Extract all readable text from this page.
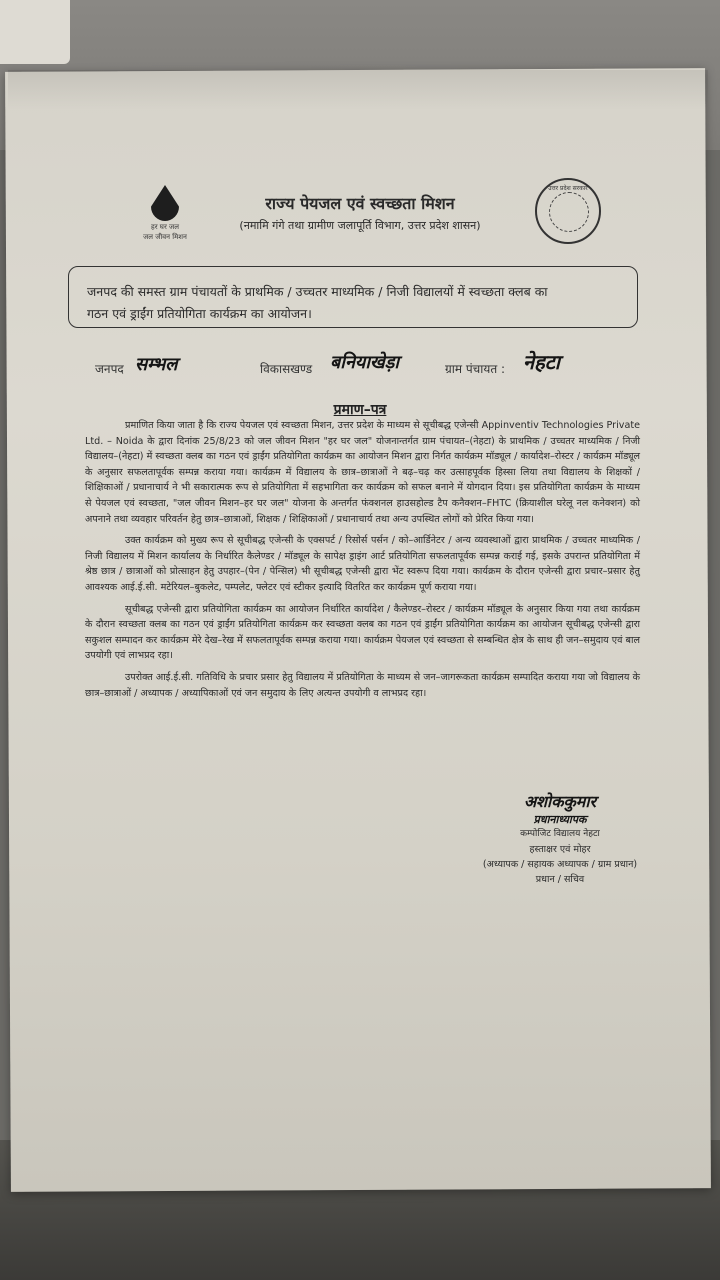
हर घर जल
जल जीवन मिशन
उत्तर प्रदेश सरकार
राज्य पेयजल एवं स्वच्छता मिशन
(नमामि गंगे तथा ग्रामीण जलापूर्ति विभाग, उत्तर प्रदेश शासन)
जनपद की समस्त ग्राम पंचायतों के प्राथमिक / उच्चतर माध्यमिक / निजी विद्यालयों में स्वच्छता क्लब का
गठन एवं ड्राईंग प्रतियोगिता कार्यक्रम का आयोजन।
जनपद सम्भल	विकासखण्ड बनियाखेड़ा	ग्राम पंचायत : नेहटा
प्रमाण–पत्र

प्रमाणित किया जाता है कि राज्य पेयजल एवं स्वच्छता मिशन, उत्तर प्रदेश के माध्यम से सूचीबद्ध एजेन्सी Appinventiv Technologies Private Ltd. – Noida के द्वारा दिनांक 25/8/23 को जल जीवन मिशन "हर घर जल" योजनान्तर्गत ग्राम पंचायत–(नेहटा) के प्राथमिक / उच्चतर माध्यमिक / निजी विद्यालय–(नेहटा) में स्वच्छता क्लब का गठन एवं ड्राईंग प्रतियोगिता कार्यक्रम का आयोजन मिशन द्वारा निर्गत कार्यक्रम मॉड्यूल / कार्यादेश–रोस्टर / कार्यक्रम मॉड्यूल के अनुसार सफलतापूर्वक सम्पन्न कराया गया। कार्यक्रम में विद्यालय के छात्र–छात्राओं ने बढ़–चढ़ कर उत्साहपूर्वक हिस्सा लिया तथा विद्यालय के शिक्षकों / शिक्षिकाओं / प्रधानाचार्य ने भी सकारात्मक रूप से प्रतियोगिता में सहभागिता कर कार्यक्रम को सफल बनाने में योगदान दिया। इस प्रतियोगिता कार्यक्रम के माध्यम से पेयजल एवं स्वच्छता, "जल जीवन मिशन–हर घर जल" योजना के अन्तर्गत फंक्शनल हाउसहोल्ड टैप कनैक्शन–FHTC (क्रियाशील घरेलू नल कनेक्शन) को अपनाने तथा व्यवहार परिवर्तन हेतु छात्र–छात्राओं, शिक्षक / शिक्षिकाओं / प्रधानाचार्य तथा अन्य उपस्थित लोगों को प्रेरित किया गया।

उक्त कार्यक्रम को मुख्य रूप से सूचीबद्ध एजेन्सी के एक्सपर्ट / रिसोर्स पर्सन / को–आर्डिनेटर / अन्य व्यवस्थाओं द्वारा प्राथमिक / उच्चतर माध्यमिक / निजी विद्यालय में मिशन कार्यालय के निर्धारित कैलेण्डर / मॉड्यूल के सापेक्ष ड्राइंग आर्ट प्रतियोगिता सफलतापूर्वक सम्पन्न कराई गई, इसके उपरान्त प्रतियोगिता में श्रेष्ठ छात्र / छात्राओं को प्रोत्साहन हेतु उपहार–(पेन / पेन्सिल) भी सूचीबद्ध एजेन्सी द्वारा भेंट स्वरूप दिया गया। कार्यक्रम के दौरान एजेन्सी द्वारा प्रचार–प्रसार हेतु आवश्यक आई.ई.सी. मटेरियल–बुकलेट, पम्पलेट, फ्लेटर एवं स्टीकर इत्यादि वितरित कर कार्यक्रम पूर्ण कराया गया।

सूचीबद्ध एजेन्सी द्वारा प्रतियोगिता कार्यक्रम का आयोजन निर्धारित कार्यादेश / कैलेण्डर–रोस्टर / कार्यक्रम मॉड्यूल के अनुसार किया गया तथा कार्यक्रम के दौरान स्वच्छता क्लब का गठन एवं ड्राईंग प्रतियोगिता कार्यक्रम कर स्वच्छता क्लब का गठन एवं ड्राईंग प्रतियोगिता कार्यक्रम का आयोजन सूचीबद्ध एजेन्सी द्वारा सकुशल सम्पादन कर कार्यक्रम मेरे देख–रेख में सफलतापूर्वक सम्पन्न कराया गया। कार्यक्रम पेयजल एवं स्वच्छता से सम्बन्धित क्षेत्र के साथ ही जन–समुदाय एवं बाल उपयोगी एवं लाभप्रद रहा।

उपरोक्त आई.ई.सी. गतिविधि के प्रचार प्रसार हेतु विद्यालय में प्रतियोगिता के माध्यम से जन–जागरूकता कार्यक्रम सम्पादित कराया गया जो विद्यालय के छात्र–छात्राओं / अध्यापक / अध्यापिकाओं एवं जन समुदाय के लिए अत्यन्त उपयोगी व लाभप्रद रहा।

अशोककुमार
प्रधानाध्यापक
कम्पोजिट विद्यालय नेहटा
हस्ताक्षर एवं मोहर
(अध्यापक / सहायक अध्यापक / ग्राम प्रधान)
प्रधान / सचिव
